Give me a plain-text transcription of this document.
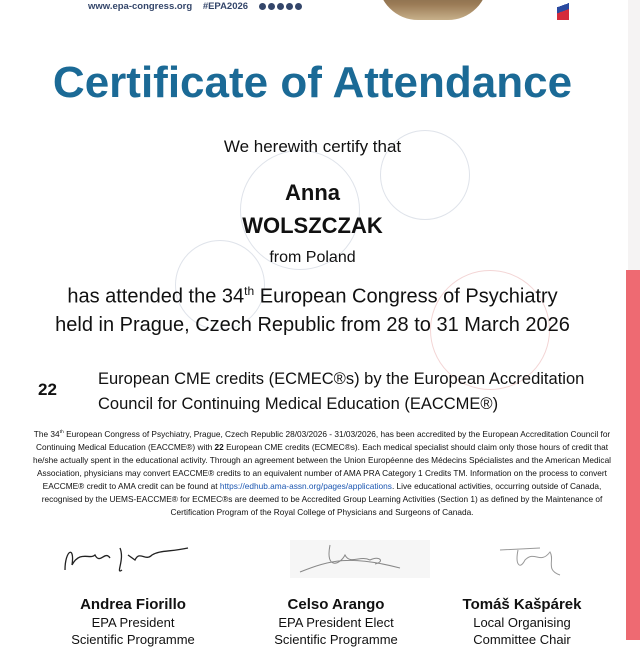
www.epa-congress.org #EPA2026
Certificate of Attendance
We herewith certify that
Anna
WOLSZCZAK
from Poland
has attended the 34th European Congress of Psychiatry
held in Prague, Czech Republic from 28 to 31 March 2026
22
European CME credits (ECMEC®s) by the European Accreditation
Council for Continuing Medical Education (EACCME®)
The 34th European Congress of Psychiatry, Prague, Czech Republic 28/03/2026 - 31/03/2026, has been accredited by the European Accreditation Council for Continuing Medical Education (EACCME®) with 22 European CME credits (ECMEC®s). Each medical specialist should claim only those hours of credit that he/she actually spent in the educational activity. Through an agreement between the Union Européenne des Médecins Spécialistes and the American Medical Association, physicians may convert EACCME® credits to an equivalent number of AMA PRA Category 1 Credits TM. Information on the process to convert EACCME® credit to AMA credit can be found at https://edhub.ama-assn.org/pages/applications. Live educational activities, occurring outside of Canada, recognised by the UEMS-EACCME® for ECMEC®s are deemed to be Accredited Group Learning Activities (Section 1) as defined by the Maintenance of Certification Program of the Royal College of Physicians and Surgeons of Canada.
Andrea Fiorillo
EPA President
Scientific Programme
Celso Arango
EPA President Elect
Scientific Programme
Tomáš Kašpárek
Local Organising
Committee Chair
